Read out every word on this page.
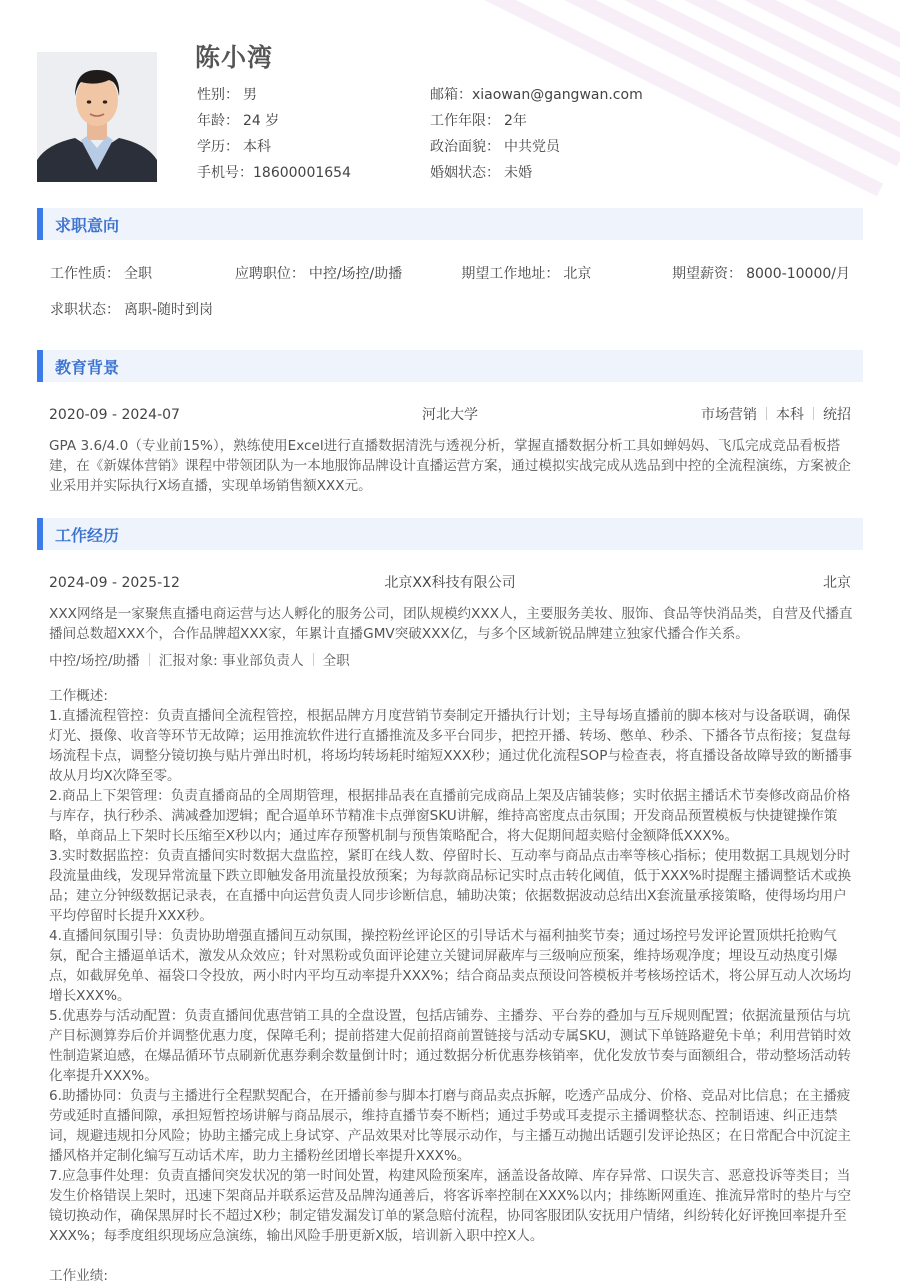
陈小湾
性别： 男	邮箱：xiaowan@gangwan.com
年龄： 24 岁	工作年限： 2年
学历： 本科	政治面貌： 中共党员
手机号：18600001654	婚姻状态： 未婚
求职意向
工作性质： 全职	应聘职位： 中控/场控/助播	期望工作地址： 北京	期望薪资： 8000-10000/月
求职状态： 离职-随时到岗
教育背景
2020-09 - 2024-07	河北大学	市场营销 本科 统招
GPA 3.6/4.0（专业前15%），熟练使用Excel进行直播数据清洗与透视分析，掌握直播数据分析工具如蝉妈妈、飞瓜完成竞品看板搭建，在《新媒体营销》课程中带领团队为一本地服饰品牌设计直播运营方案，通过模拟实战完成从选品到中控的全流程演练，方案被企业采用并实际执行X场直播，实现单场销售额XXX元。
工作经历
2024-09 - 2025-12	北京XX科技有限公司	北京
XXX网络是一家聚焦直播电商运营与达人孵化的服务公司，团队规模约XXX人，主要服务美妆、服饰、食品等快消品类，自营及代播直播间总数超XXX个，合作品牌超XXX家，年累计直播GMV突破XXX亿，与多个区域新锐品牌建立独家代播合作关系。
中控/场控/助播 汇报对象: 事业部负责人 全职
工作概述:
1.直播流程管控：负责直播间全流程管控，根据品牌方月度营销节奏制定开播执行计划；主导每场直播前的脚本核对与设备联调，确保灯光、摄像、收音等环节无故障；运用推流软件进行直播推流及多平台同步，把控开播、转场、憋单、秒杀、下播各节点衔接；复盘每场流程卡点，调整分镜切换与贴片弹出时机，将场均转场耗时缩短XXX秒；通过优化流程SOP与检查表，将直播设备故障导致的断播事故从月均X次降至零。
2.商品上下架管理：负责直播商品的全周期管理，根据排品表在直播前完成商品上架及店铺装修；实时依据主播话术节奏修改商品价格与库存，执行秒杀、满减叠加逻辑；配合逼单环节精准卡点弹窗SKU讲解，维持高密度点击氛围；开发商品预置模板与快捷键操作策略，单商品上下架时长压缩至X秒以内；通过库存预警机制与预售策略配合，将大促期间超卖赔付金额降低XXX%。
3.实时数据监控：负责直播间实时数据大盘监控，紧盯在线人数、停留时长、互动率与商品点击率等核心指标；使用数据工具规划分时段流量曲线，发现异常流量下跌立即触发备用流量投放预案；为每款商品标记实时点击转化阈值，低于XXX%时提醒主播调整话术或换品；建立分钟级数据记录表，在直播中向运营负责人同步诊断信息，辅助决策；依据数据波动总结出X套流量承接策略，使得场均用户平均停留时长提升XXX秒。
4.直播间氛围引导：负责协助增强直播间互动氛围，操控粉丝评论区的引导话术与福利抽奖节奏；通过场控号发评论置顶烘托抢购气氛，配合主播逼单话术，激发从众效应；针对黑粉或负面评论建立关键词屏蔽库与三级响应预案，维持场观净度；埋设互动热度引爆点，如截屏免单、福袋口令投放，两小时内平均互动率提升XXX%；结合商品卖点预设问答模板并考核场控话术，将公屏互动人次场均增长XXX%。
5.优惠券与活动配置：负责直播间优惠营销工具的全盘设置，包括店铺券、主播券、平台券的叠加与互斥规则配置；依据流量预估与坑产目标测算券后价并调整优惠力度，保障毛利；提前搭建大促前招商前置链接与活动专属SKU，测试下单链路避免卡单；利用营销时效性制造紧迫感，在爆品循环节点刷新优惠券剩余数量倒计时；通过数据分析优惠券核销率，优化发放节奏与面额组合，带动整场活动转化率提升XXX%。
6.助播协同：负责与主播进行全程默契配合，在开播前参与脚本打磨与商品卖点拆解，吃透产品成分、价格、竞品对比信息；在主播疲劳或延时直播间隙，承担短暂控场讲解与商品展示，维持直播节奏不断档；通过手势或耳麦提示主播调整状态、控制语速、纠正违禁词，规避违规扣分风险；协助主播完成上身试穿、产品效果对比等展示动作，与主播互动抛出话题引发评论热区；在日常配合中沉淀主播风格并定制化编写互动话术库，助力主播粉丝团增长率提升XXX%。
7.应急事件处理：负责直播间突发状况的第一时间处置，构建风险预案库，涵盖设备故障、库存异常、口误失言、恶意投诉等类目；当发生价格错误上架时，迅速下架商品并联系运营及品牌沟通善后，将客诉率控制在XXX%以内；排练断网重连、推流异常时的垫片与空镜切换动作，确保黑屏时长不超过X秒；制定错发漏发订单的紧急赔付流程，协同客服团队安抚用户情绪，纠纷转化好评挽回率提升至XXX%；每季度组织现场应急演练，输出风险手册更新X版，培训新入职中控X人。
工作业绩:
